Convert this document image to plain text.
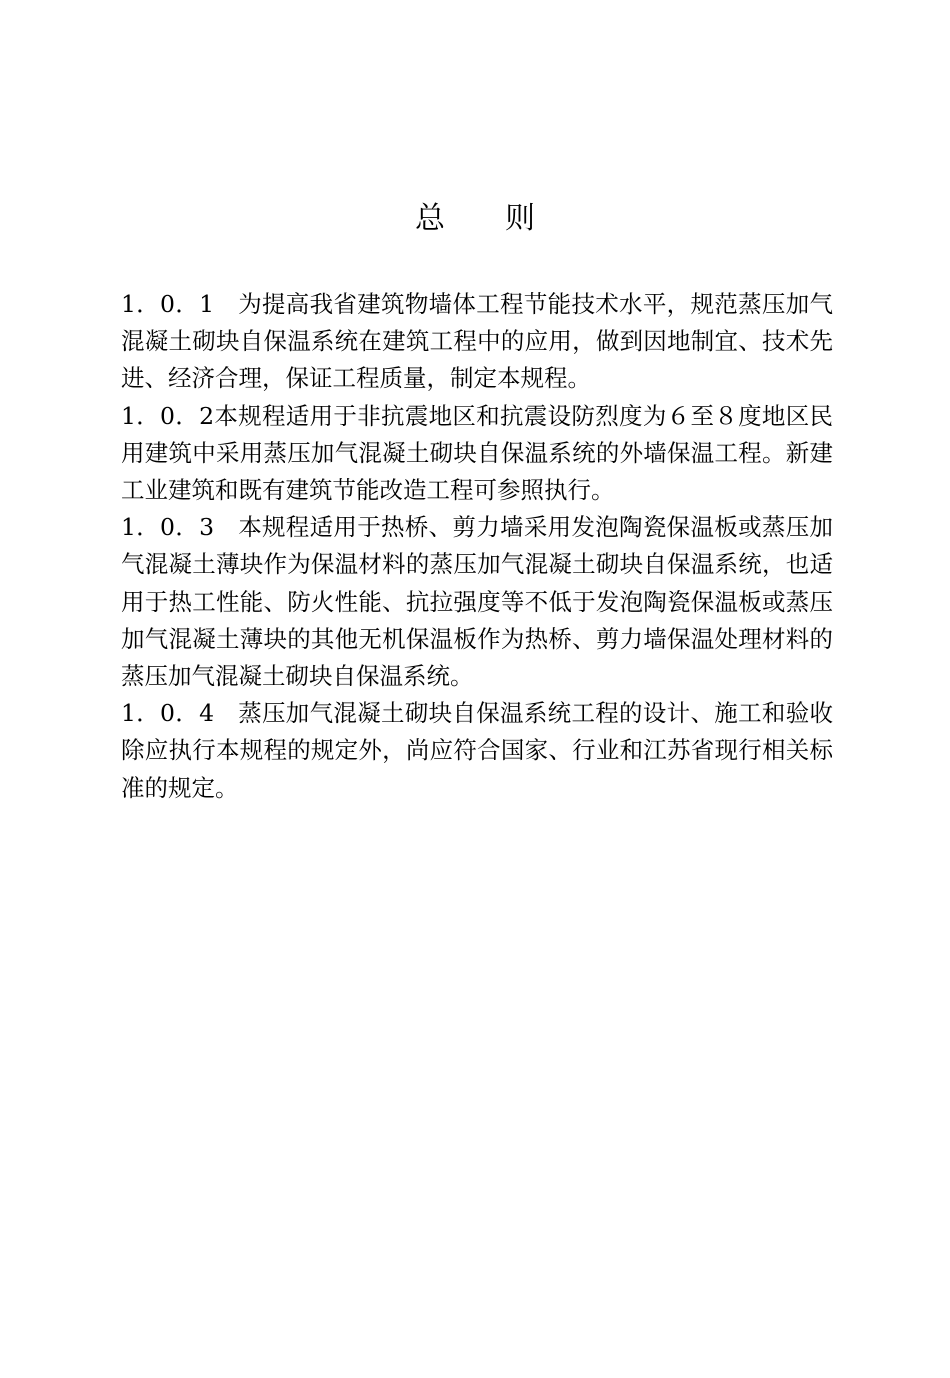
总　　则

1．0．1　为提高我省建筑物墙体工程节能技术水平，规范蒸压加气混凝土砌块自保温系统在建筑工程中的应用，做到因地制宜、技术先进、经济合理，保证工程质量，制定本规程。

1．0．2本规程适用于非抗震地区和抗震设防烈度为６至８度地区民用建筑中采用蒸压加气混凝土砌块自保温系统的外墙保温工程。新建工业建筑和既有建筑节能改造工程可参照执行。

1．0．3　本规程适用于热桥、剪力墙采用发泡陶瓷保温板或蒸压加气混凝土薄块作为保温材料的蒸压加气混凝土砌块自保温系统，也适用于热工性能、防火性能、抗拉强度等不低于发泡陶瓷保温板或蒸压加气混凝土薄块的其他无机保温板作为热桥、剪力墙保温处理材料的蒸压加气混凝土砌块自保温系统。

1．0．4　蒸压加气混凝土砌块自保温系统工程的设计、施工和验收除应执行本规程的规定外，尚应符合国家、行业和江苏省现行相关标准的规定。
